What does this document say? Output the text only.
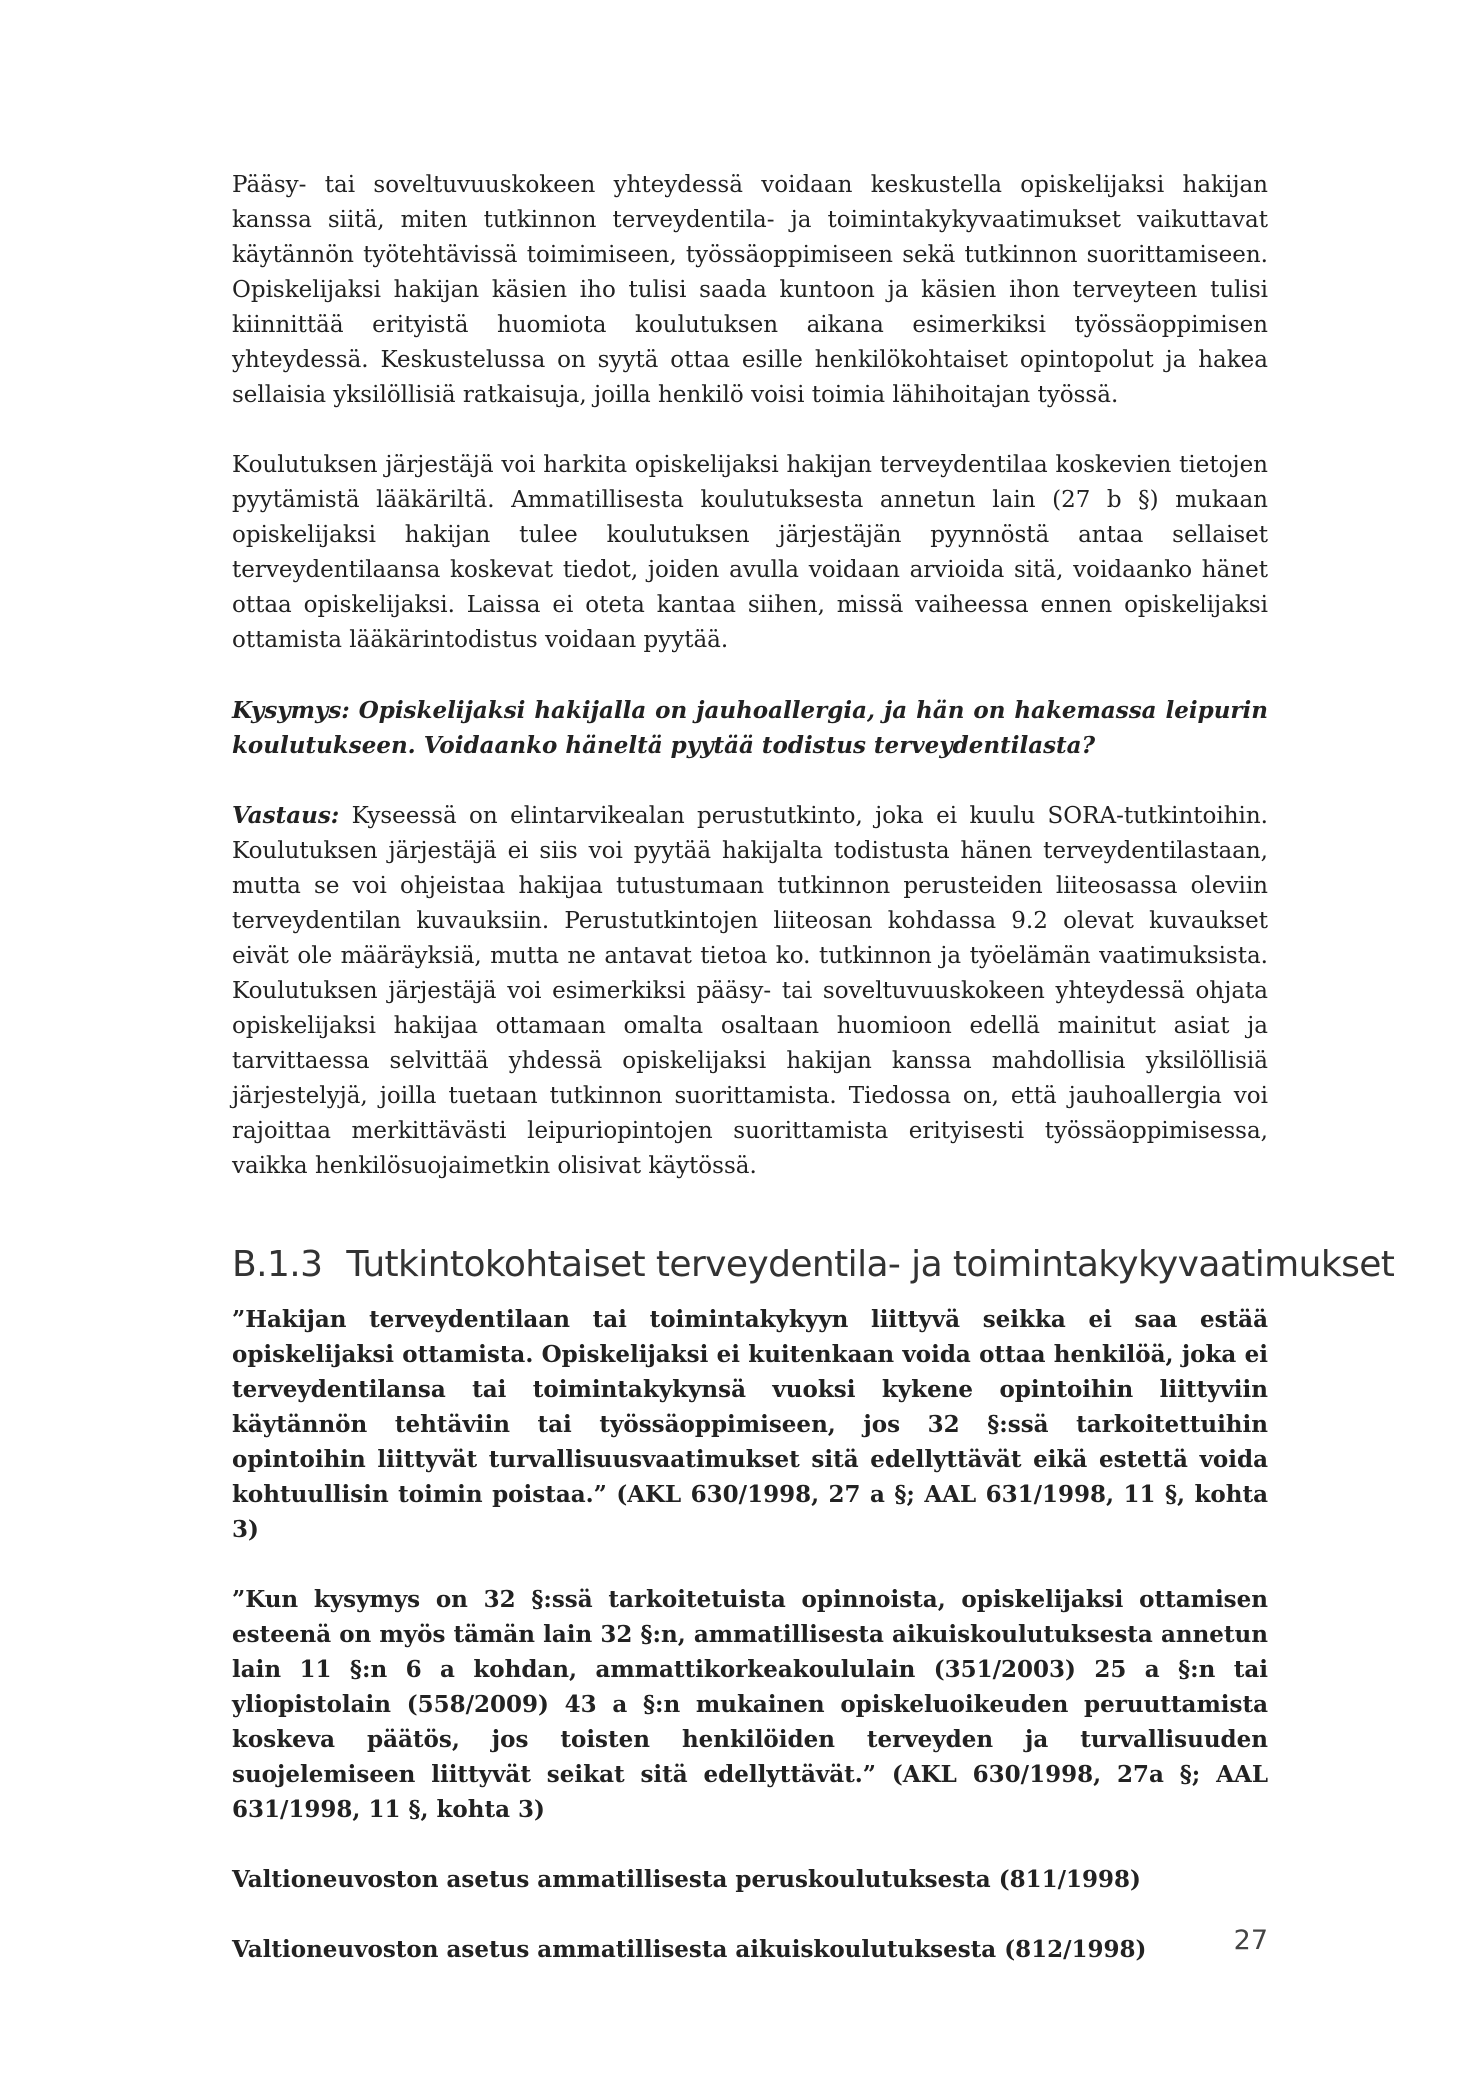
Pääsy- tai soveltuvuuskokeen yhteydessä voidaan keskustella opiskelijaksi hakijan kanssa siitä, miten tutkinnon terveydentila- ja toimintakykyvaatimukset vaikuttavat käytännön työtehtävissä toimimiseen, työssäoppimiseen sekä tutkinnon suorittamiseen. Opiskelijaksi hakijan käsien iho tulisi saada kuntoon ja käsien ihon terveyteen tulisi kiinnittää erityistä huomiota koulutuksen aikana esimerkiksi työssäoppimisen yhteydessä. Keskustelussa on syytä ottaa esille henkilökohtaiset opintopolut ja hakea sellaisia yksilöllisiä ratkaisuja, joilla henkilö voisi toimia lähihoitajan työssä.

Koulutuksen järjestäjä voi harkita opiskelijaksi hakijan terveydentilaa koskevien tietojen pyytämistä lääkäriltä. Ammatillisesta koulutuksesta annetun lain (27 b §) mukaan opiskelijaksi hakijan tulee koulutuksen järjestäjän pyynnöstä antaa sellaiset terveydentilaansa koskevat tiedot, joiden avulla voidaan arvioida sitä, voidaanko hänet ottaa opiskelijaksi. Laissa ei oteta kantaa siihen, missä vaiheessa ennen opiskelijaksi ottamista lääkärintodistus voidaan pyytää.

Kysymys: Opiskelijaksi hakijalla on jauhoallergia, ja hän on hakemassa leipurin koulutukseen. Voidaanko häneltä pyytää todistus terveydentilasta?

Vastaus: Kyseessä on elintarvikealan perustutkinto, joka ei kuulu SORA-tutkintoihin. Koulutuksen järjestäjä ei siis voi pyytää hakijalta todistusta hänen terveydentilastaan, mutta se voi ohjeistaa hakijaa tutustumaan tutkinnon perusteiden liiteosassa oleviin terveydentilan kuvauksiin. Perustutkintojen liiteosan kohdassa 9.2 olevat kuvaukset eivät ole määräyksiä, mutta ne antavat tietoa ko. tutkinnon ja työelämän vaatimuksista. Koulutuksen järjestäjä voi esimerkiksi pääsy- tai soveltuvuuskokeen yhteydessä ohjata opiskelijaksi hakijaa ottamaan omalta osaltaan huomioon edellä mainitut asiat ja tarvittaessa selvittää yhdessä opiskelijaksi hakijan kanssa mahdollisia yksilöllisiä järjestelyjä, joilla tuetaan tutkinnon suorittamista. Tiedossa on, että jauhoallergia voi rajoittaa merkittävästi leipuriopintojen suorittamista erityisesti työssäoppimisessa, vaikka henkilösuojaimetkin olisivat käytössä.

B.1.3 Tutkintokohtaiset terveydentila- ja toimintakykyvaatimukset

”Hakijan terveydentilaan tai toimintakykyyn liittyvä seikka ei saa estää opiskelijaksi ottamista. Opiskelijaksi ei kuitenkaan voida ottaa henkilöä, joka ei terveydentilansa tai toimintakykynsä vuoksi kykene opintoihin liittyviin käytännön tehtäviin tai työssäoppimiseen, jos 32 §:ssä tarkoitettuihin opintoihin liittyvät turvallisuusvaatimukset sitä edellyttävät eikä estettä voida kohtuullisin toimin poistaa.” (AKL 630/1998, 27 a §; AAL 631/1998, 11 §, kohta 3)

”Kun kysymys on 32 §:ssä tarkoitetuista opinnoista, opiskelijaksi ottamisen esteenä on myös tämän lain 32 §:n, ammatillisesta aikuiskoulutuksesta annetun lain 11 §:n 6 a kohdan, ammattikorkeakoululain (351/2003) 25 a §:n tai yliopistolain (558/2009) 43 a §:n mukainen opiskeluoikeuden peruuttamista koskeva päätös, jos toisten henkilöiden terveyden ja turvallisuuden suojelemiseen liittyvät seikat sitä edellyttävät.” (AKL 630/1998, 27a §; AAL 631/1998, 11 §, kohta 3)

Valtioneuvoston asetus ammatillisesta peruskoulutuksesta (811/1998)

Valtioneuvoston asetus ammatillisesta aikuiskoulutuksesta (812/1998)	27
